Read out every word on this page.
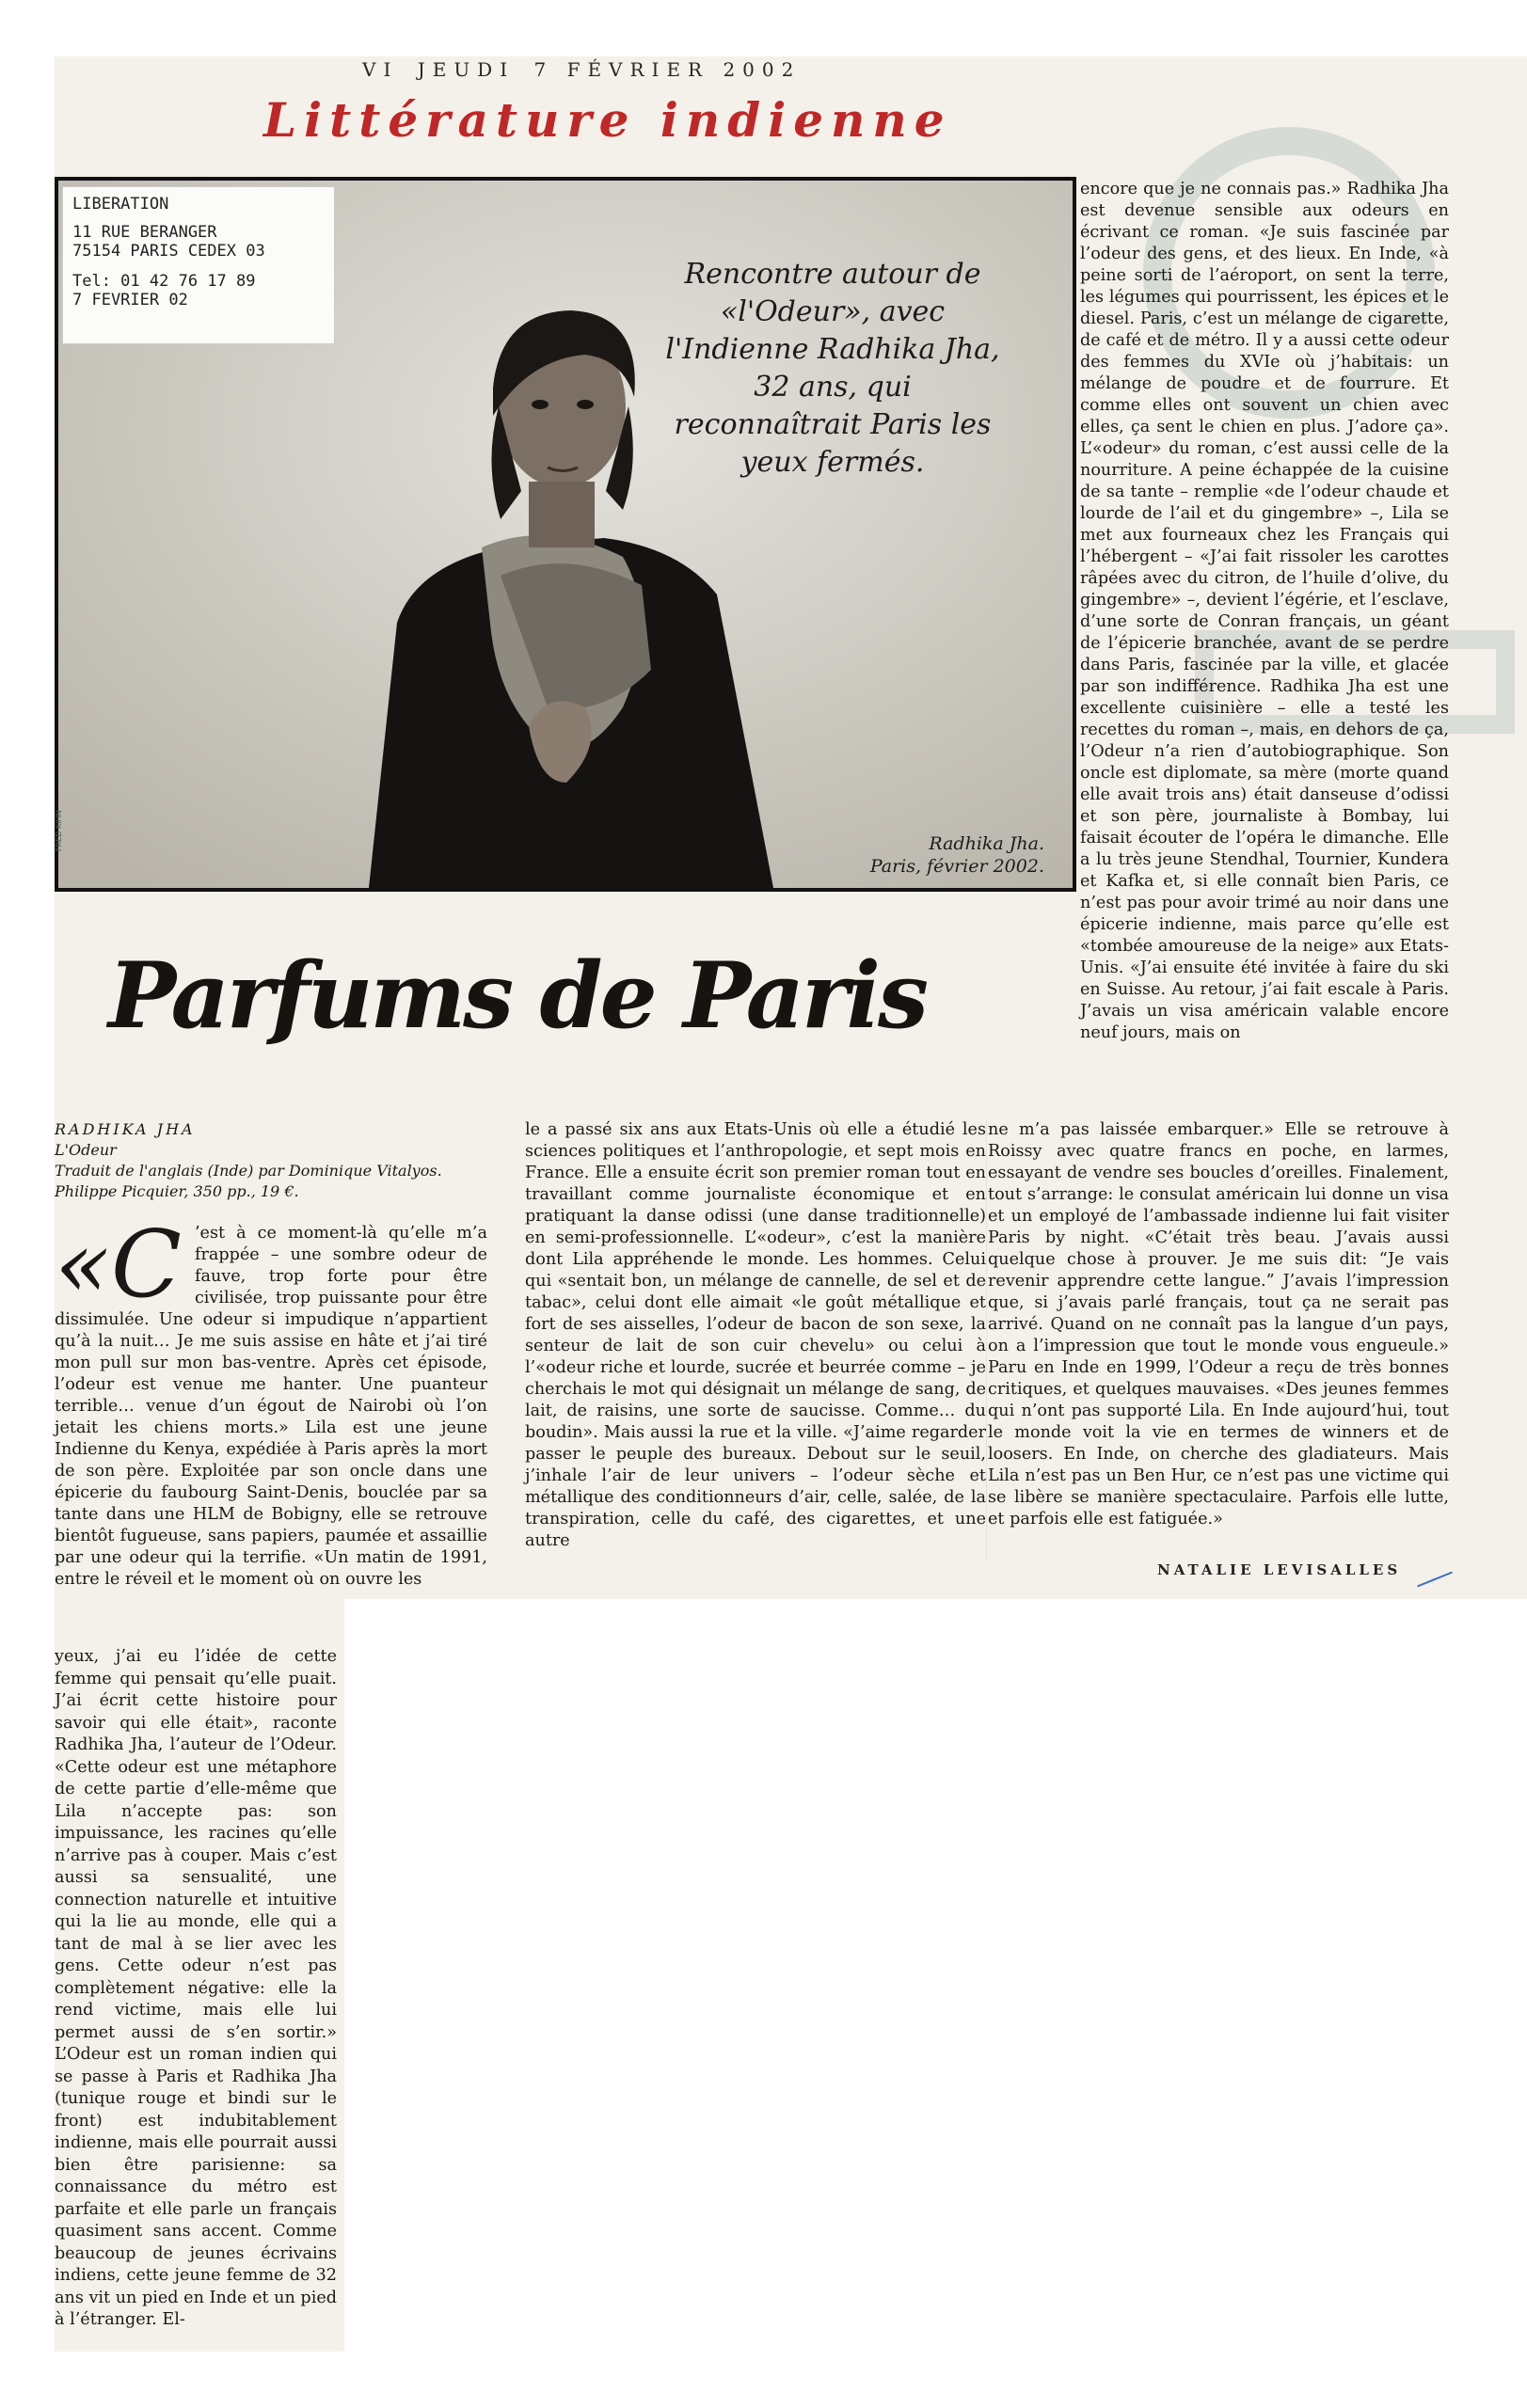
VI JEUDI 7 FÉVRIER 2002
Littérature indienne
LIBERATION
11 RUE BERANGER
75154 PARIS CEDEX 03
Tel: 01 42 76 17 89
7 FEVRIER 02
Rencontre autour de «l'Odeur», avec l'Indienne Radhika Jha, 32 ans, qui reconnaîtrait Paris les yeux fermés.
Radhika Jha.
Paris, février 2002.
FRED KIHN
Parfums de Paris
RADHIKA JHA
L'Odeur
Traduit de l'anglais (Inde) par Dominique Vitalyos.
Philippe Picquier, 350 pp., 19 €.
«C ’est à ce moment-là qu’elle m’a frappée – une sombre odeur de fauve, trop forte pour être civilisée, trop puissante pour être dissimulée. Une odeur si impudique n’appartient qu’à la nuit… Je me suis assise en hâte et j’ai tiré mon pull sur mon bas-ventre. Après cet épisode, l’odeur est venue me hanter. Une puanteur terrible… venue d’un égout de Nairobi où l’on jetait les chiens morts.» Lila est une jeune Indienne du Kenya, expédiée à Paris après la mort de son père. Exploitée par son oncle dans une épicerie du faubourg Saint-Denis, bouclée par sa tante dans une HLM de Bobigny, elle se retrouve bientôt fugueuse, sans papiers, paumée et assaillie par une odeur qui la terrifie. «Un matin de 1991, entre le réveil et le moment où on ouvre les
yeux, j’ai eu l’idée de cette femme qui pensait qu’elle puait. J’ai écrit cette histoire pour savoir qui elle était», raconte Radhika Jha, l’auteur de l’Odeur. «Cette odeur est une métaphore de cette partie d’elle-même que Lila n’accepte pas: son impuissance, les racines qu’elle n’arrive pas à couper. Mais c’est aussi sa sensualité, une connection naturelle et intuitive qui la lie au monde, elle qui a tant de mal à se lier avec les gens. Cette odeur n’est pas complètement négative: elle la rend victime, mais elle lui permet aussi de s’en sortir.» L’Odeur est un roman indien qui se passe à Paris et Radhika Jha (tunique rouge et bindi sur le front) est indubitablement indienne, mais elle pourrait aussi bien être parisienne: sa connaissance du métro est parfaite et elle parle un français quasiment sans accent. Comme beaucoup de jeunes écrivains indiens, cette jeune femme de 32 ans vit un pied en Inde et un pied à l’étranger. El-
le a passé six ans aux Etats-Unis où elle a étudié les sciences politiques et l’anthropologie, et sept mois en France. Elle a ensuite écrit son premier roman tout en travaillant comme journaliste économique et en pratiquant la danse odissi (une danse traditionnelle) en semi-professionnelle. L’«odeur», c’est la manière dont Lila appréhende le monde. Les hommes. Celui qui «sentait bon, un mélange de cannelle, de sel et de tabac», celui dont elle aimait «le goût métallique et fort de ses aisselles, l’odeur de bacon de son sexe, la senteur de lait de son cuir chevelu» ou celui à l’«odeur riche et lourde, sucrée et beurrée comme – je cherchais le mot qui désignait un mélange de sang, de lait, de raisins, une sorte de saucisse. Comme… du boudin». Mais aussi la rue et la ville. «J’aime regarder passer le peuple des bureaux. Debout sur le seuil, j’inhale l’air de leur univers – l’odeur sèche et métallique des conditionneurs d’air, celle, salée, de la transpiration, celle du café, des cigarettes, et une autre
encore que je ne connais pas.» Radhika Jha est devenue sensible aux odeurs en écrivant ce roman. «Je suis fascinée par l’odeur des gens, et des lieux. En Inde, «à peine sorti de l’aéroport, on sent la terre, les légumes qui pourrissent, les épices et le diesel. Paris, c’est un mélange de cigarette, de café et de métro. Il y a aussi cette odeur des femmes du XVIe où j’habitais: un mélange de poudre et de fourrure. Et comme elles ont souvent un chien avec elles, ça sent le chien en plus. J’adore ça». L’«odeur» du roman, c’est aussi celle de la nourriture. A peine échappée de la cuisine de sa tante – remplie «de l’odeur chaude et lourde de l’ail et du gingembre» –, Lila se met aux fourneaux chez les Français qui l’hébergent – «J’ai fait rissoler les carottes râpées avec du citron, de l’huile d’olive, du gingembre» –, devient l’égérie, et l’esclave, d’une sorte de Conran français, un géant de l’épicerie branchée, avant de se perdre dans Paris, fascinée par la ville, et glacée par son indifférence. Radhika Jha est une excellente cuisinière – elle a testé les recettes du roman –, mais, en dehors de ça, l’Odeur n’a rien d’autobiographique. Son oncle est diplomate, sa mère (morte quand elle avait trois ans) était danseuse d’odissi et son père, journaliste à Bombay, lui faisait écouter de l’opéra le dimanche. Elle a lu très jeune Stendhal, Tournier, Kundera et Kafka et, si elle connaît bien Paris, ce n’est pas pour avoir trimé au noir dans une épicerie indienne, mais parce qu’elle est «tombée amoureuse de la neige» aux Etats-Unis. «J’ai ensuite été invitée à faire du ski en Suisse. Au retour, j’ai fait escale à Paris. J’avais un visa américain valable encore neuf jours, mais on
ne m’a pas laissée embarquer.» Elle se retrouve à Roissy avec quatre francs en poche, en larmes, essayant de vendre ses boucles d’oreilles. Finalement, tout s’arrange: le consulat américain lui donne un visa et un employé de l’ambassade indienne lui fait visiter Paris by night. «C’était très beau. J’avais aussi quelque chose à prouver. Je me suis dit: “Je vais revenir apprendre cette langue.” J’avais l’impression que, si j’avais parlé français, tout ça ne serait pas arrivé. Quand on ne connaît pas la langue d’un pays, on a l’impression que tout le monde vous engueule.» Paru en Inde en 1999, l’Odeur a reçu de très bonnes critiques, et quelques mauvaises. «Des jeunes femmes qui n’ont pas supporté Lila. En Inde aujourd’hui, tout le monde voit la vie en termes de winners et de loosers. En Inde, on cherche des gladiateurs. Mais Lila n’est pas un Ben Hur, ce n’est pas une victime qui se libère se manière spectaculaire. Parfois elle lutte, et parfois elle est fatiguée.»
NATALIE LEVISALLES
